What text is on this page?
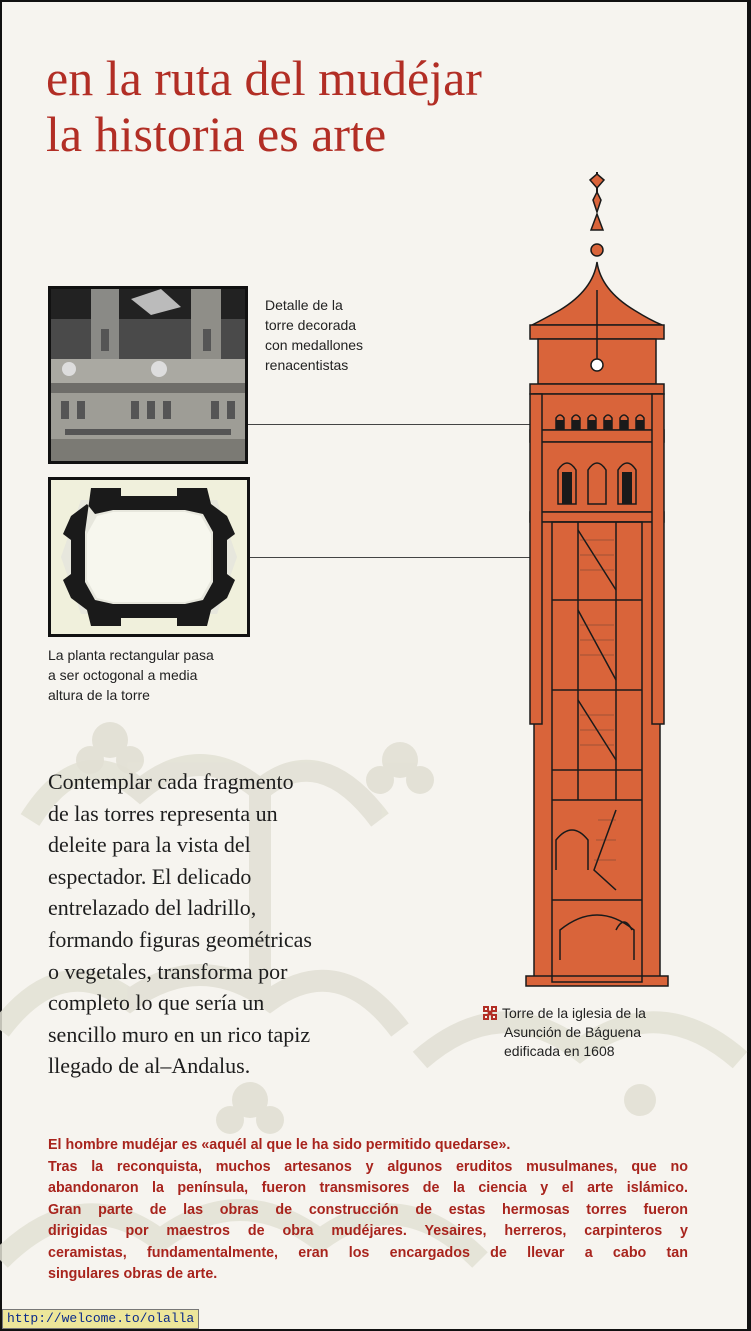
en la ruta del mudéjar
la historia es arte
Detalle de la
torre decorada
con medallones
renacentistas
La planta rectangular pasa
a ser octogonal a media
altura de la torre
Torre de la iglesia de la
Asunción de Báguena
edificada en 1608

Contemplar cada fragmento
de las torres representa un
deleite para la vista del
espectador. El delicado
entrelazado del ladrillo,
formando figuras geométricas
o vegetales, transforma por
completo lo que sería un
sencillo muro en un rico tapiz
llegado de al–Andalus.

El hombre mudéjar es «aquél al que le ha sido permitido quedarse».
Tras la reconquista, muchos artesanos y algunos eruditos musulmanes, que no
abandonaron la península, fueron transmisores de la ciencia y el arte islámico.
Gran parte de las obras de construcción de estas hermosas torres fueron
dirigidas por maestros de obra mudéjares. Yesaires, herreros, carpinteros y
ceramistas, fundamentalmente, eran los encargados de llevar a cabo tan
singulares obras de arte.

http://welcome.to/olalla
